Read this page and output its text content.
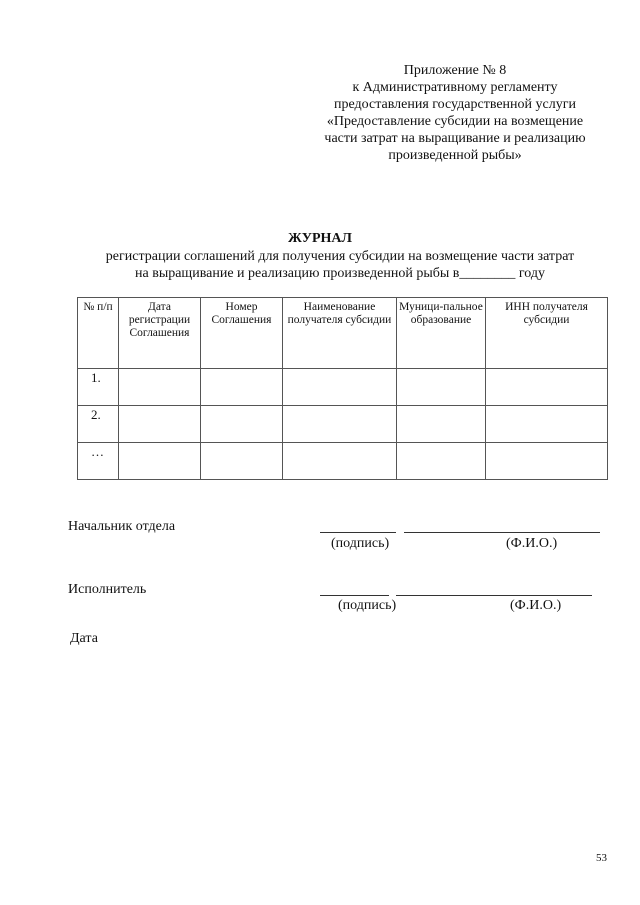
Приложение № 8
к Административному регламенту
предоставления государственной услуги
«Предоставление субсидии на возмещение
части затрат на выращивание и реализацию
произведенной рыбы»
ЖУРНАЛ
регистрации соглашений для получения субсидии на возмещение части затрат
на выращивание и реализацию произведенной рыбы в________ году
№ п/п	Дата регистрации Соглашения	Номер Соглашения	Наименование получателя субсидии	Муници-пальное образование	ИНН получателя субсидии
1.					
2.					
…					
Начальник отдела
(подпись)	(Ф.И.О.)
Исполнитель
(подпись)	(Ф.И.О.)
Дата
53
